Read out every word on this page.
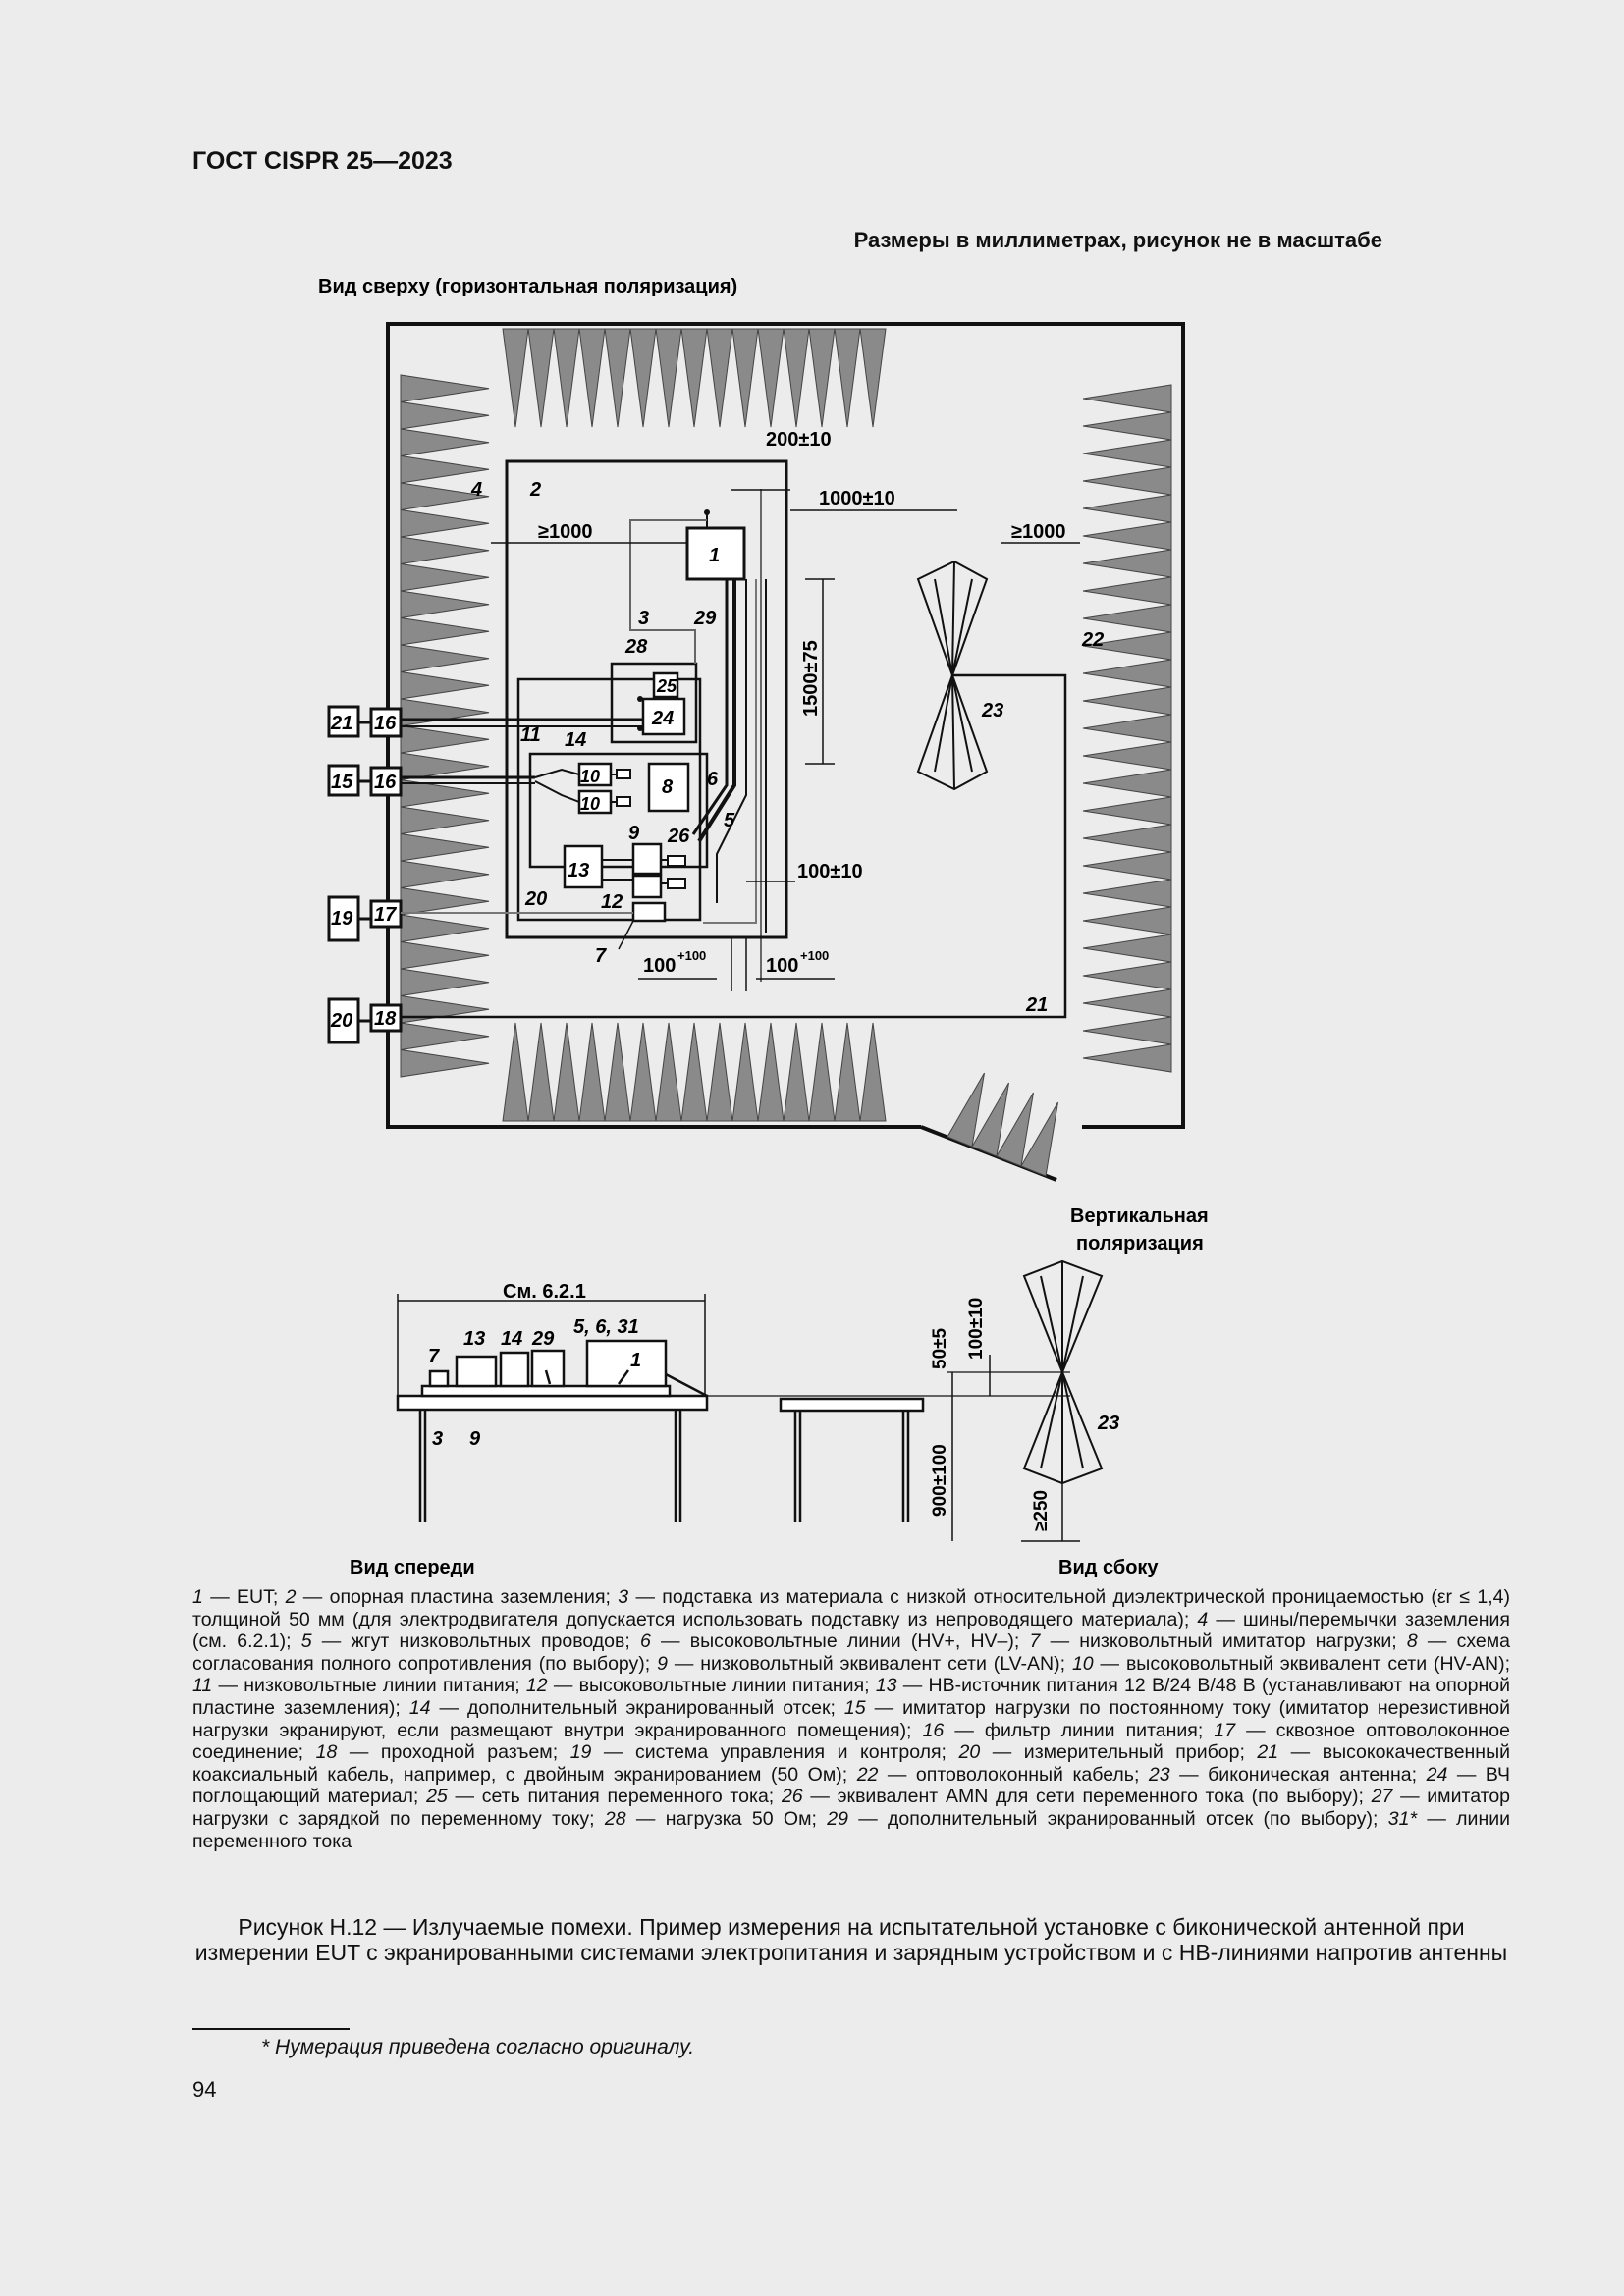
ГОСТ CISPR 25—2023
Размеры в миллиметрах, рисунок не в масштабе
Вид сверху (горизонтальная поляризация)
1
25
24
8
10
10
13
7
21 16
15 16
19 17
20 18
200±10
1000±10
≥1000	≥1000
1500±75
100±10
100 +100	100 +100
2
4
3 29
28
11 14
6
5
9 26
12
20
23
22
21
Вертикальная
поляризация
См. 6.2.1
7
13 14 29
5, 6, 31
1
3 9
23
50±5 100±10
900±100	≥250
Вид спереди	Вид сбоку
1 — EUT; 2 — опорная пластина заземления; 3 — подставка из материала с низкой относительной диэлектрической проницаемостью (εr ≤ 1,4) толщиной 50 мм (для электродвигателя допускается использовать подставку из непроводящего материала); 4 — шины/перемычки заземления (см. 6.2.1); 5 — жгут низковольтных проводов; 6 — высоковольтные линии (HV+, HV–); 7 — низковольтный имитатор нагрузки; 8 — схема согласования полного сопротивления (по выбору); 9 — низковольтный эквивалент сети (LV-AN); 10 — высоковольтный эквивалент сети (HV-AN); 11 — низковольтные линии питания; 12 — высоковольтные линии питания; 13 — HB-источник питания 12 В/24 В/48 В (устанавливают на опорной пластине заземления); 14 — дополнительный экранированный отсек; 15 — имитатор нагрузки по постоянному току (имитатор нерезистивной нагрузки экранируют, если размещают внутри экранированного помещения); 16 — фильтр линии питания; 17 — сквозное оптоволоконное соединение; 18 — проходной разъем; 19 — система управления и контроля; 20 — измерительный прибор; 21 — высококачественный коаксиальный кабель, например, с двойным экранированием (50 Ом); 22 — оптоволоконный кабель; 23 — биконическая антенна; 24 — ВЧ поглощающий материал; 25 — сеть питания переменного тока; 26 — эквивалент AMN для сети переменного тока (по выбору); 27 — имитатор нагрузки с зарядкой по переменному току; 28 — нагрузка 50 Ом; 29 — дополнительный экранированный отсек (по выбору); 31* — линии переменного тока
Рисунок H.12 — Излучаемые помехи. Пример измерения на испытательной установке с биконической антенной при измерении EUT с экранированными системами электропитания и зарядным устройством и с HB-линиями напротив антенны
* Нумерация приведена согласно оригиналу.
94
